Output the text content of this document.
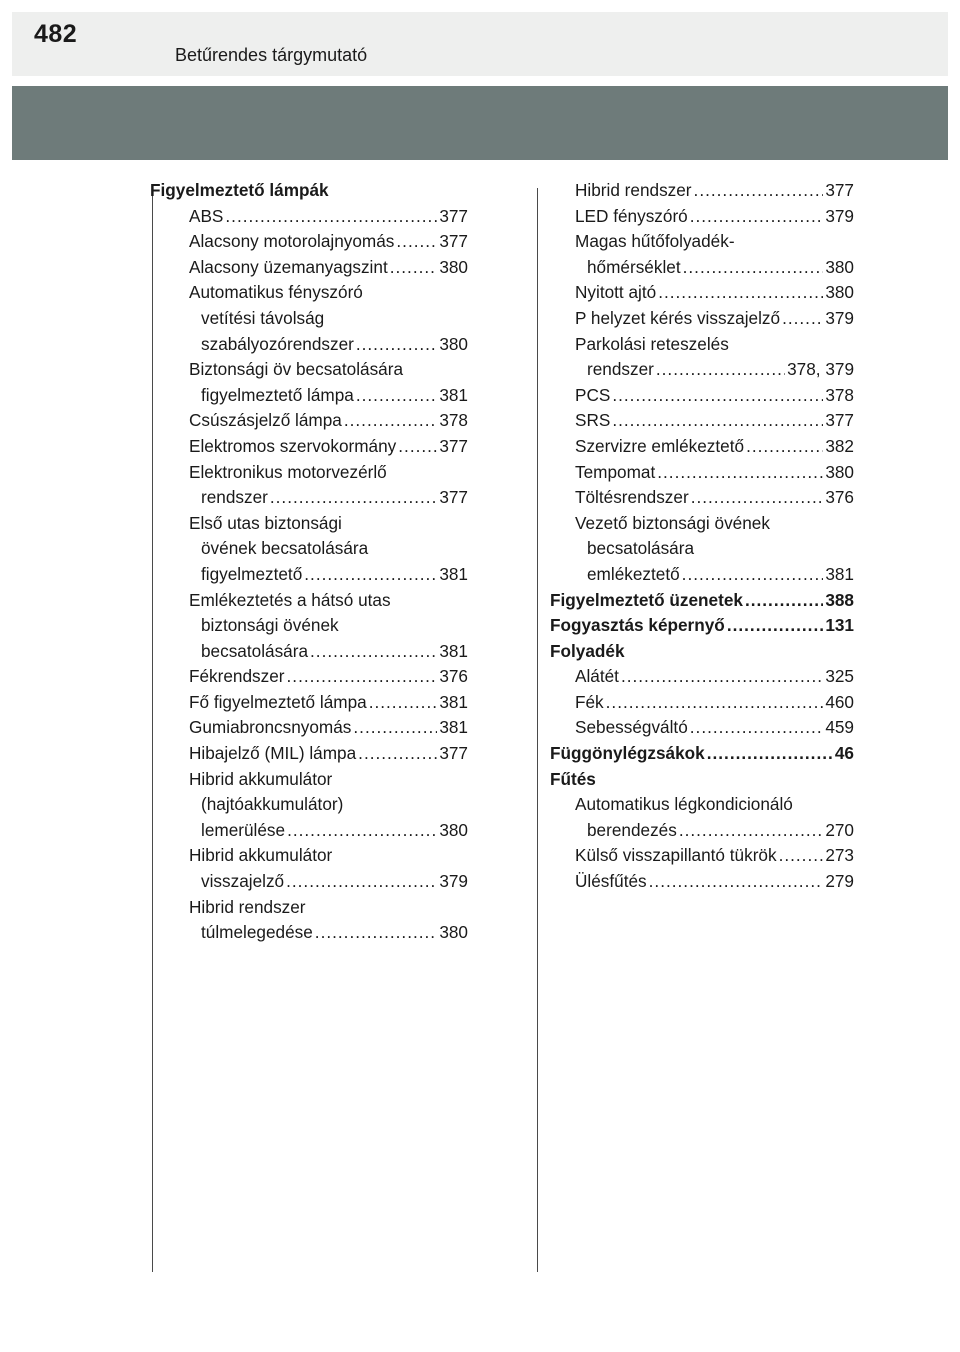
482
Betűrendes tárgymutató
Figyelmeztető lámpák
ABS .....	377
Alacsony motorolajnyomás .....	377
Alacsony üzemanyagszint .....	380
Automatikus fényszóró
vetítési távolság
szabályozórendszer .....	380
Biztonsági öv becsatolására
figyelmeztető lámpa .....	381
Csúszásjelző lámpa .....	378
Elektromos szervokormány .....	377
Elektronikus motorvezérlő
rendszer .....	377
Első utas biztonsági
övének becsatolására
figyelmeztető .....	381
Emlékeztetés a hátsó utas
biztonsági övének
becsatolására .....	381
Fékrendszer .....	376
Fő figyelmeztető lámpa .....	381
Gumiabroncsnyomás .....	381
Hibajelző (MIL) lámpa .....	377
Hibrid akkumulátor
(hajtóakkumulátor)
lemerülése .....	380
Hibrid akkumulátor
visszajelző .....	379
Hibrid rendszer
túlmelegedése .....	380
Hibrid rendszer .....	377
LED fényszóró .....	379
Magas hűtőfolyadék-
hőmérséklet .....	380
Nyitott ajtó .....	380
P helyzet kérés visszajelző .....	379
Parkolási reteszelés
rendszer .....	378, 379
PCS .....	378
SRS .....	377
Szervizre emlékeztető .....	382
Tempomat .....	380
Töltésrendszer .....	376
Vezető biztonsági övének
becsatolására
emlékeztető .....	381
Figyelmeztető üzenetek .....	388
Fogyasztás képernyő .....	131
Folyadék
Alátét .....	325
Fék .....	460
Sebességváltó .....	459
Függönylégzsákok .....	46
Fűtés
Automatikus légkondicionáló
berendezés .....	270
Külső visszapillantó tükrök .....	273
Ülésfűtés .....	279
